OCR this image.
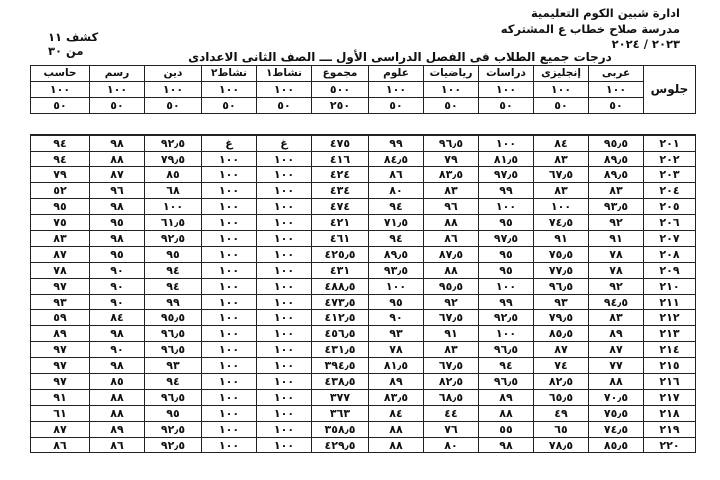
ادارة شبين الكوم التعليمية
مدرسة صلاح خطاب ع المشتركه
٢٠٢٣ / ٢٠٢٤
كشف ١١
من ٣٠	درجات جميع الطلاب فى الفصل الدراسى الأول ـــ الصف الثانى الاعدادى
جلوس	عربى	إنجليزى	دراسات	رياضيات	علوم	مجموع	نشاط١	نشاط٢	دين	رسم	حاسب
	١٠٠	١٠٠	١٠٠	١٠٠	١٠٠	٥٠٠	١٠٠	١٠٠	١٠٠	١٠٠	١٠٠
	٥٠	٥٠	٥٠	٥٠	٥٠	٢٥٠	٥٠	٥٠	٥٠	٥٠	٥٠

٢٠١	٩٥٫٥	٨٤	١٠٠	٩٦٫٥	٩٩	٤٧٥	غ	غ	٩٢٫٥	٩٨	٩٤
٢٠٢	٨٩٫٥	٨٣	٨١٫٥	٧٩	٨٤٫٥	٤١٦	١٠٠	١٠٠	٧٩٫٥	٨٨	٩٤
٢٠٣	٨٩٫٥	٦٧٫٥	٩٧٫٥	٨٣٫٥	٨٦	٤٢٤	١٠٠	١٠٠	٨٥	٨٧	٧٩
٢٠٤	٨٣	٨٣	٩٩	٨٣	٨٠	٤٣٤	١٠٠	١٠٠	٦٨	٩٦	٥٢
٢٠٥	٩٣٫٥	١٠٠	١٠٠	٩٦	٩٤	٤٧٤	١٠٠	١٠٠	١٠٠	٩٨	٩٥
٢٠٦	٩٢	٧٤٫٥	٩٥	٨٨	٧١٫٥	٤٢١	١٠٠	١٠٠	٦١٫٥	٩٥	٧٥
٢٠٧	٩١	٩١	٩٧٫٥	٨٦	٩٤	٤٦١	١٠٠	١٠٠	٩٢٫٥	٩٨	٨٣
٢٠٨	٧٨	٧٥٫٥	٩٥	٨٧٫٥	٨٩٫٥	٤٢٥٫٥	١٠٠	١٠٠	٩٥	٩٥	٨٧
٢٠٩	٧٨	٧٧٫٥	٩٥	٨٨	٩٣٫٥	٤٣١	١٠٠	١٠٠	٩٤	٩٠	٧٨
٢١٠	٩٢	٩٦٫٥	١٠٠	٩٥٫٥	١٠٠	٤٨٨٫٥	١٠٠	١٠٠	٩٤	٩٠	٩٧
٢١١	٩٤٫٥	٩٣	٩٩	٩٢	٩٥	٤٧٣٫٥	١٠٠	١٠٠	٩٩	٩٠	٩٣
٢١٢	٨٣	٧٩٫٥	٩٢٫٥	٦٧٫٥	٩٠	٤١٢٫٥	١٠٠	١٠٠	٩٥٫٥	٨٤	٥٩
٢١٣	٨٩	٨٥٫٥	١٠٠	٩١	٩٣	٤٥٦٫٥	١٠٠	١٠٠	٩٦٫٥	٩٨	٨٩
٢١٤	٨٧	٨٧	٩٦٫٥	٨٣	٧٨	٤٣١٫٥	١٠٠	١٠٠	٩٦٫٥	٩٠	٩٧
٢١٥	٧٧	٧٤	٩٤	٦٧٫٥	٨١٫٥	٣٩٤٫٥	١٠٠	١٠٠	٩٣	٩٨	٩٧
٢١٦	٨٨	٨٢٫٥	٩٦٫٥	٨٢٫٥	٨٩	٤٣٨٫٥	١٠٠	١٠٠	٩٤	٨٥	٩٧
٢١٧	٧٠٫٥	٦٥٫٥	٨٩	٦٨٫٥	٨٣٫٥	٣٧٧	١٠٠	١٠٠	٩٦٫٥	٨٨	٩١
٢١٨	٧٥٫٥	٤٩	٨٨	٤٤	٨٤	٣٦٣	١٠٠	١٠٠	٩٥	٨٨	٦١
٢١٩	٧٤٫٥	٦٥	٥٥	٧٦	٨٨	٣٥٨٫٥	١٠٠	١٠٠	٩٢٫٥	٨٩	٨٧
٢٢٠	٨٥٫٥	٧٨٫٥	٩٨	٨٠	٨٨	٤٢٩٫٥	١٠٠	١٠٠	٩٢٫٥	٨٦	٨٦
